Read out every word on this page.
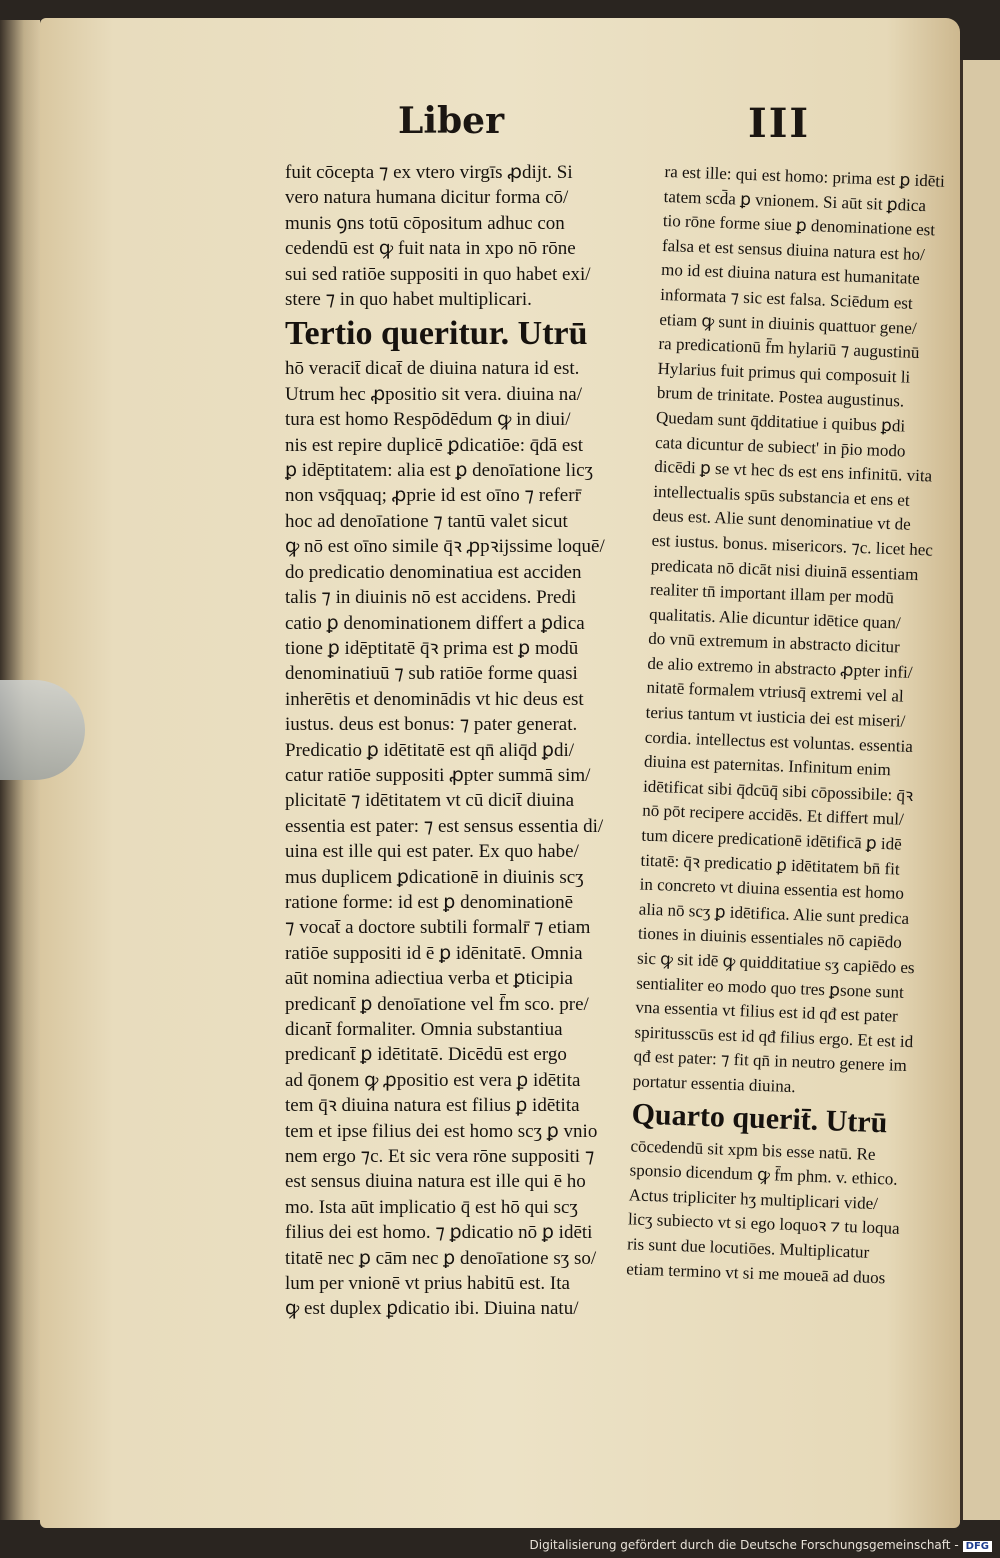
Liber	III
fuit cōcepta ⁊ ex vtero virgīs ꝓdijt. Si
vero natura humana dicitur forma cō/
munis ꝯns totū cōpositum adhuc con
cedendū est ꝙ fuit nata in xpo nō rōne
sui sed ratiōe suppositi in quo habet exi/
stere ⁊ in quo habet multiplicari.
Tertio queritur. Utrū
hō veracit̄ dicat̄ de diuina natura id est.
Utrum hec ꝓpositio sit vera. diuina na/
tura est homo Respōdēdum ꝙ in diui/
nis est repire duplicē ꝑdicatiōe: q̄dā est
ꝑ idēptitatem: alia est ꝑ denoīatione licʒ
non vsq̄quaq; ꝓprie id est oīno ⁊ referr̄
hoc ad denoīatione ⁊ tantū valet sicut
ꝙ nō est oīno simile q̄ꝛ ꝓpꝛijssime loquē/
do predicatio denominatiua est acciden
talis ⁊ in diuinis nō est accidens. Predi
catio ꝑ denominationem differt a ꝑdica
tione ꝑ idēptitatē q̄ꝛ prima est ꝑ modū
denominatiuū ⁊ sub ratiōe forme quasi
inherētis et denominādis vt hic deus est
iustus. deus est bonus: ⁊ pater generat.
Predicatio ꝑ idētitatē est qn̄ aliq̄d ꝑdi/
catur ratiōe suppositi ꝓpter summā sim/
plicitatē ⁊ idētitatem vt cū dicit̄ diuina
essentia est pater: ⁊ est sensus essentia di/
uina est ille qui est pater. Ex quo habe/
mus duplicem ꝑdicationē in diuinis scʒ
ratione forme: id est ꝑ denominationē
⁊ vocat̄ a doctore subtili formalr̄ ⁊ etiam
ratiōe suppositi id ē ꝑ idēnitatē. Omnia
aūt nomina adiectiua verba et ꝑticipia
predicant̄ ꝑ denoīatione vel f̄m sco. pre/
dicant̄ formaliter. Omnia substantiua
predicant̄ ꝑ idētitatē. Dicēdū est ergo
ad q̄onem ꝙ ꝓpositio est vera ꝑ idētita
tem q̄ꝛ diuina natura est filius ꝑ idētita
tem et ipse filius dei est homo scʒ ꝑ vnio
nem ergo ⁊c. Et sic vera rōne suppositi ⁊
est sensus diuina natura est ille qui ē ho
mo. Ista aūt implicatio q̄ est hō qui scʒ
filius dei est homo. ⁊ ꝑdicatio nō ꝑ idēti
titatē nec ꝑ cām nec ꝑ denoīatione sʒ so/
lum per vnionē vt prius habitū est. Ita
ꝙ est duplex ꝑdicatio ibi. Diuina natu/
ra est ille: qui est homo: prima est ꝑ idēti
tatem scd̄a ꝑ vnionem. Si aūt sit ꝑdica
tio rōne forme siue ꝑ denominatione est
falsa et est sensus diuina natura est ho/
mo id est diuina natura est humanitate
informata ⁊ sic est falsa. Sciēdum est
etiam ꝙ sunt in diuinis quattuor gene/
ra predicationū f̄m hylariū ⁊ augustinū
Hylarius fuit primus qui composuit li
brum de trinitate. Postea augustinus.
Quedam sunt q̄dditatiue i quibus ꝑdi
cata dicuntur de subiect' in p̄io modo
dicēdi ꝑ se vt hec ds est ens infinitū. vita
intellectualis spūs substancia et ens et
deus est. Alie sunt denominatiue vt de᷑
est iustus. bonus. misericors. ⁊c. licet hec
predicata nō dicāt nisi diuinā essentiam
realiter tn̄ important illam per modū
qualitatis. Alie dicuntur idētice quan/
do vnū extremum in abstracto dicitur
de alio extremo in abstracto ꝓpter infi/
nitatē formalem vtriusq̄ extremi vel al
terius tantum vt iusticia dei est miseri/
cordia. intellectus est voluntas. essentia
diuina est paternitas. Infinitum enim
idētificat sibi q̄dcūq̄ sibi cōpossibile: q̄ꝛ
nō pōt recipere accidēs. Et differt mul/
tum dicere predicationē idētificā ꝑ idē
titatē: q̄ꝛ predicatio ꝑ idētitatem bn̄ fit
in concreto vt diuina essentia est homo
alia nō scʒ ꝑ idētifica. Alie sunt predica
tiones in diuinis essentiales nō capiēdo
sic ꝙ sit idē ꝙ quidditatiue sʒ capiēdo es
sentialiter eo modo quo tres ꝑsone sunt
vna essentia vt filius est id qđ est pater
spiritusscūs est id qđ filius ergo. Et est id
qđ est pater: ⁊ fit qn̄ in neutro genere im
portatur essentia diuina.
Quarto querit̄. Utrū
cōcedendū sit xpm bis esse natū. Re
sponsio dicendum ꝙ f̄m phm. v. ethico.
Actus tripliciter hʒ multiplicari vide/
licʒ subiecto vt si ego loquoꝛ ⁊ tu loqua
ris sunt due locutiōes. Multiplicatur
etiam termino vt si me moueā ad duos
Digitalisierung gefördert durch die Deutsche Forschungsgemeinschaft - DFG
